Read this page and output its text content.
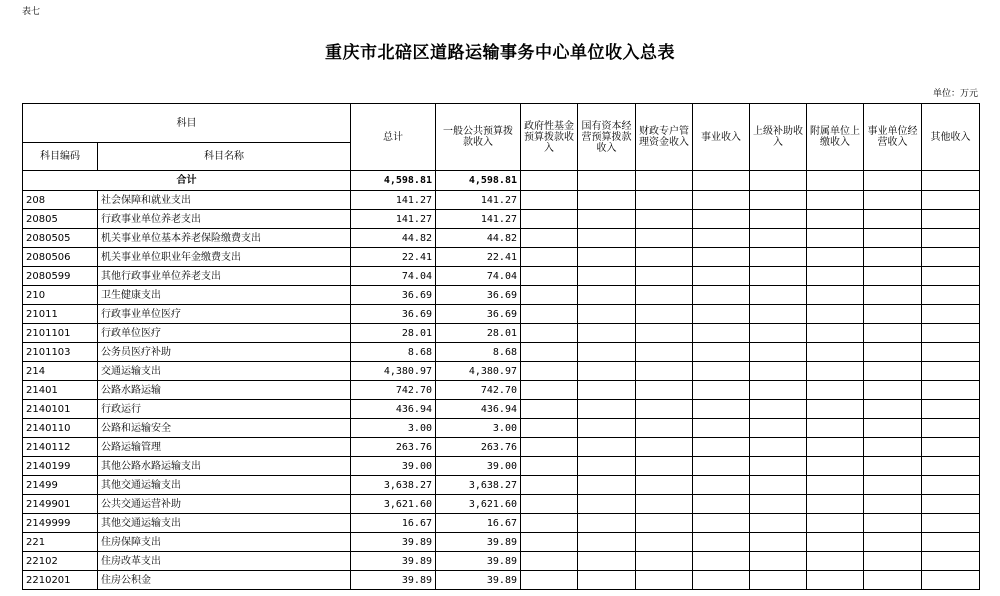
表七
重庆市北碚区道路运输事务中心单位收入总表
单位：万元
科目		总计	一般公共预算拨款收入	政府性基金预算拨款收入	国有资本经营预算拨款收入	财政专户管理资金收入	事业收入	上级补助收入	附属单位上缴收入	事业单位经营收入	其他收入
科目编码	科目名称										
合计		4,598.81	4,598.81								
208	社会保障和就业支出	141.27	141.27								
20805	行政事业单位养老支出	141.27	141.27								
2080505	机关事业单位基本养老保险缴费支出	44.82	44.82								
2080506	机关事业单位职业年金缴费支出	22.41	22.41								
2080599	其他行政事业单位养老支出	74.04	74.04								
210	卫生健康支出	36.69	36.69								
21011	行政事业单位医疗	36.69	36.69								
2101101	行政单位医疗	28.01	28.01								
2101103	公务员医疗补助	8.68	8.68								
214	交通运输支出	4,380.97	4,380.97								
21401	公路水路运输	742.70	742.70								
2140101	行政运行	436.94	436.94								
2140110	公路和运输安全	3.00	3.00								
2140112	公路运输管理	263.76	263.76								
2140199	其他公路水路运输支出	39.00	39.00								
21499	其他交通运输支出	3,638.27	3,638.27								
2149901	公共交通运营补助	3,621.60	3,621.60								
2149999	其他交通运输支出	16.67	16.67								
221	住房保障支出	39.89	39.89								
22102	住房改革支出	39.89	39.89								
2210201	住房公积金	39.89	39.89								
